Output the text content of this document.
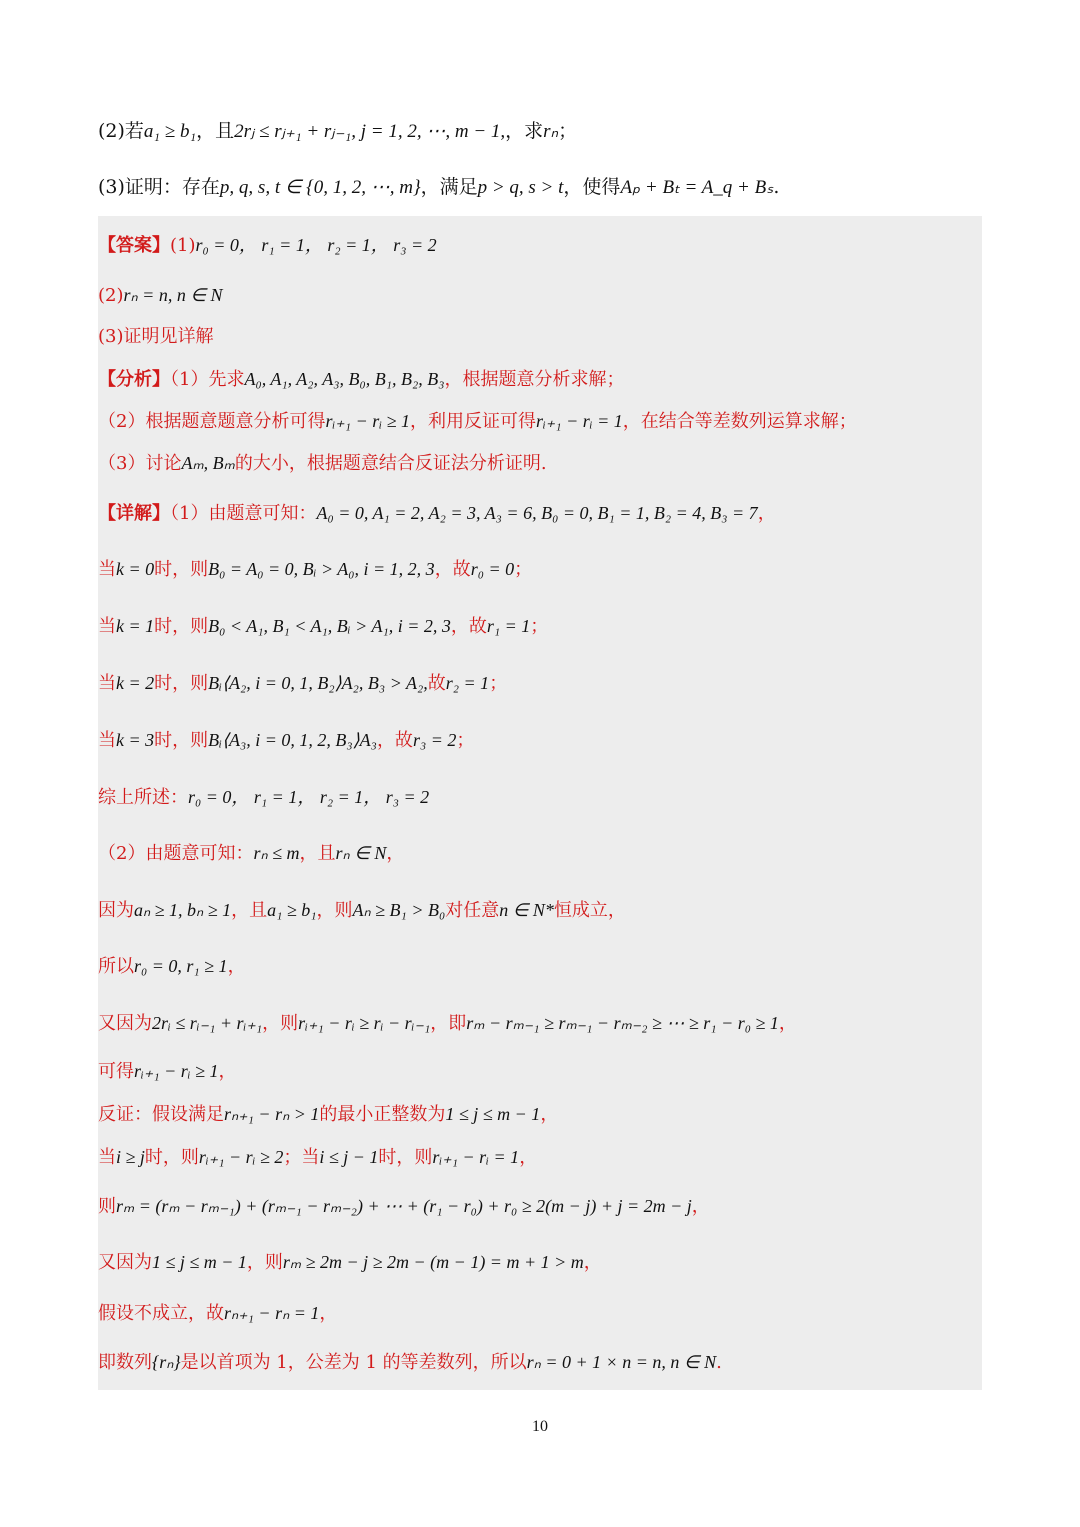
(2)若a₁ ≥ b₁，且2rⱼ ≤ rⱼ₊₁ + rⱼ₋₁, j = 1, 2, ⋯, m − 1,，求rₙ；
(3)证明：存在p, q, s, t ∈ {0, 1, 2, ⋯, m}，满足p > q, s > t，使得Aₚ + Bₜ = A_q + Bₛ.
【答案】(1)r₀ = 0， r₁ = 1， r₂ = 1， r₃ = 2
(2)rₙ = n, n ∈ N
(3)证明见详解
【分析】（1）先求A₀, A₁, A₂, A₃, B₀, B₁, B₂, B₃，根据题意分析求解；
（2）根据题意题意分析可得rᵢ₊₁ − rᵢ ≥ 1，利用反证可得rᵢ₊₁ − rᵢ = 1，在结合等差数列运算求解；
（3）讨论Aₘ, Bₘ的大小，根据题意结合反证法分析证明.
【详解】（1）由题意可知：A₀ = 0, A₁ = 2, A₂ = 3, A₃ = 6, B₀ = 0, B₁ = 1, B₂ = 4, B₃ = 7，
当k = 0时，则B₀ = A₀ = 0, Bᵢ > A₀, i = 1, 2, 3，故r₀ = 0；
当k = 1时，则B₀ < A₁, B₁ < A₁, Bᵢ > A₁, i = 2, 3，故r₁ = 1；
当k = 2时，则Bᵢ⟨A₂, i = 0, 1, B₂⟩A₂, B₃ > A₂,故r₂ = 1；
当k = 3时，则Bᵢ⟨A₃, i = 0, 1, 2, B₃⟩A₃，故r₃ = 2；
综上所述：r₀ = 0， r₁ = 1， r₂ = 1， r₃ = 2
（2）由题意可知：rₙ ≤ m，且rₙ ∈ N，
因为aₙ ≥ 1, bₙ ≥ 1，且a₁ ≥ b₁，则Aₙ ≥ B₁ > B₀对任意n ∈ N*恒成立，
所以r₀ = 0, r₁ ≥ 1，
又因为2rᵢ ≤ rᵢ₋₁ + rᵢ₊₁，则rᵢ₊₁ − rᵢ ≥ rᵢ − rᵢ₋₁，即rₘ − rₘ₋₁ ≥ rₘ₋₁ − rₘ₋₂ ≥ ⋯ ≥ r₁ − r₀ ≥ 1，
可得rᵢ₊₁ − rᵢ ≥ 1，
反证：假设满足rₙ₊₁ − rₙ > 1的最小正整数为1 ≤ j ≤ m − 1，
当i ≥ j时，则rᵢ₊₁ − rᵢ ≥ 2；当i ≤ j − 1时，则rᵢ₊₁ − rᵢ = 1，
则rₘ = (rₘ − rₘ₋₁) + (rₘ₋₁ − rₘ₋₂) + ⋯ + (r₁ − r₀) + r₀ ≥ 2(m − j) + j = 2m − j，
又因为1 ≤ j ≤ m − 1，则rₘ ≥ 2m − j ≥ 2m − (m − 1) = m + 1 > m，
假设不成立，故rₙ₊₁ − rₙ = 1，
即数列{rₙ}是以首项为 1，公差为 1 的等差数列，所以rₙ = 0 + 1 × n = n, n ∈ N.
10
